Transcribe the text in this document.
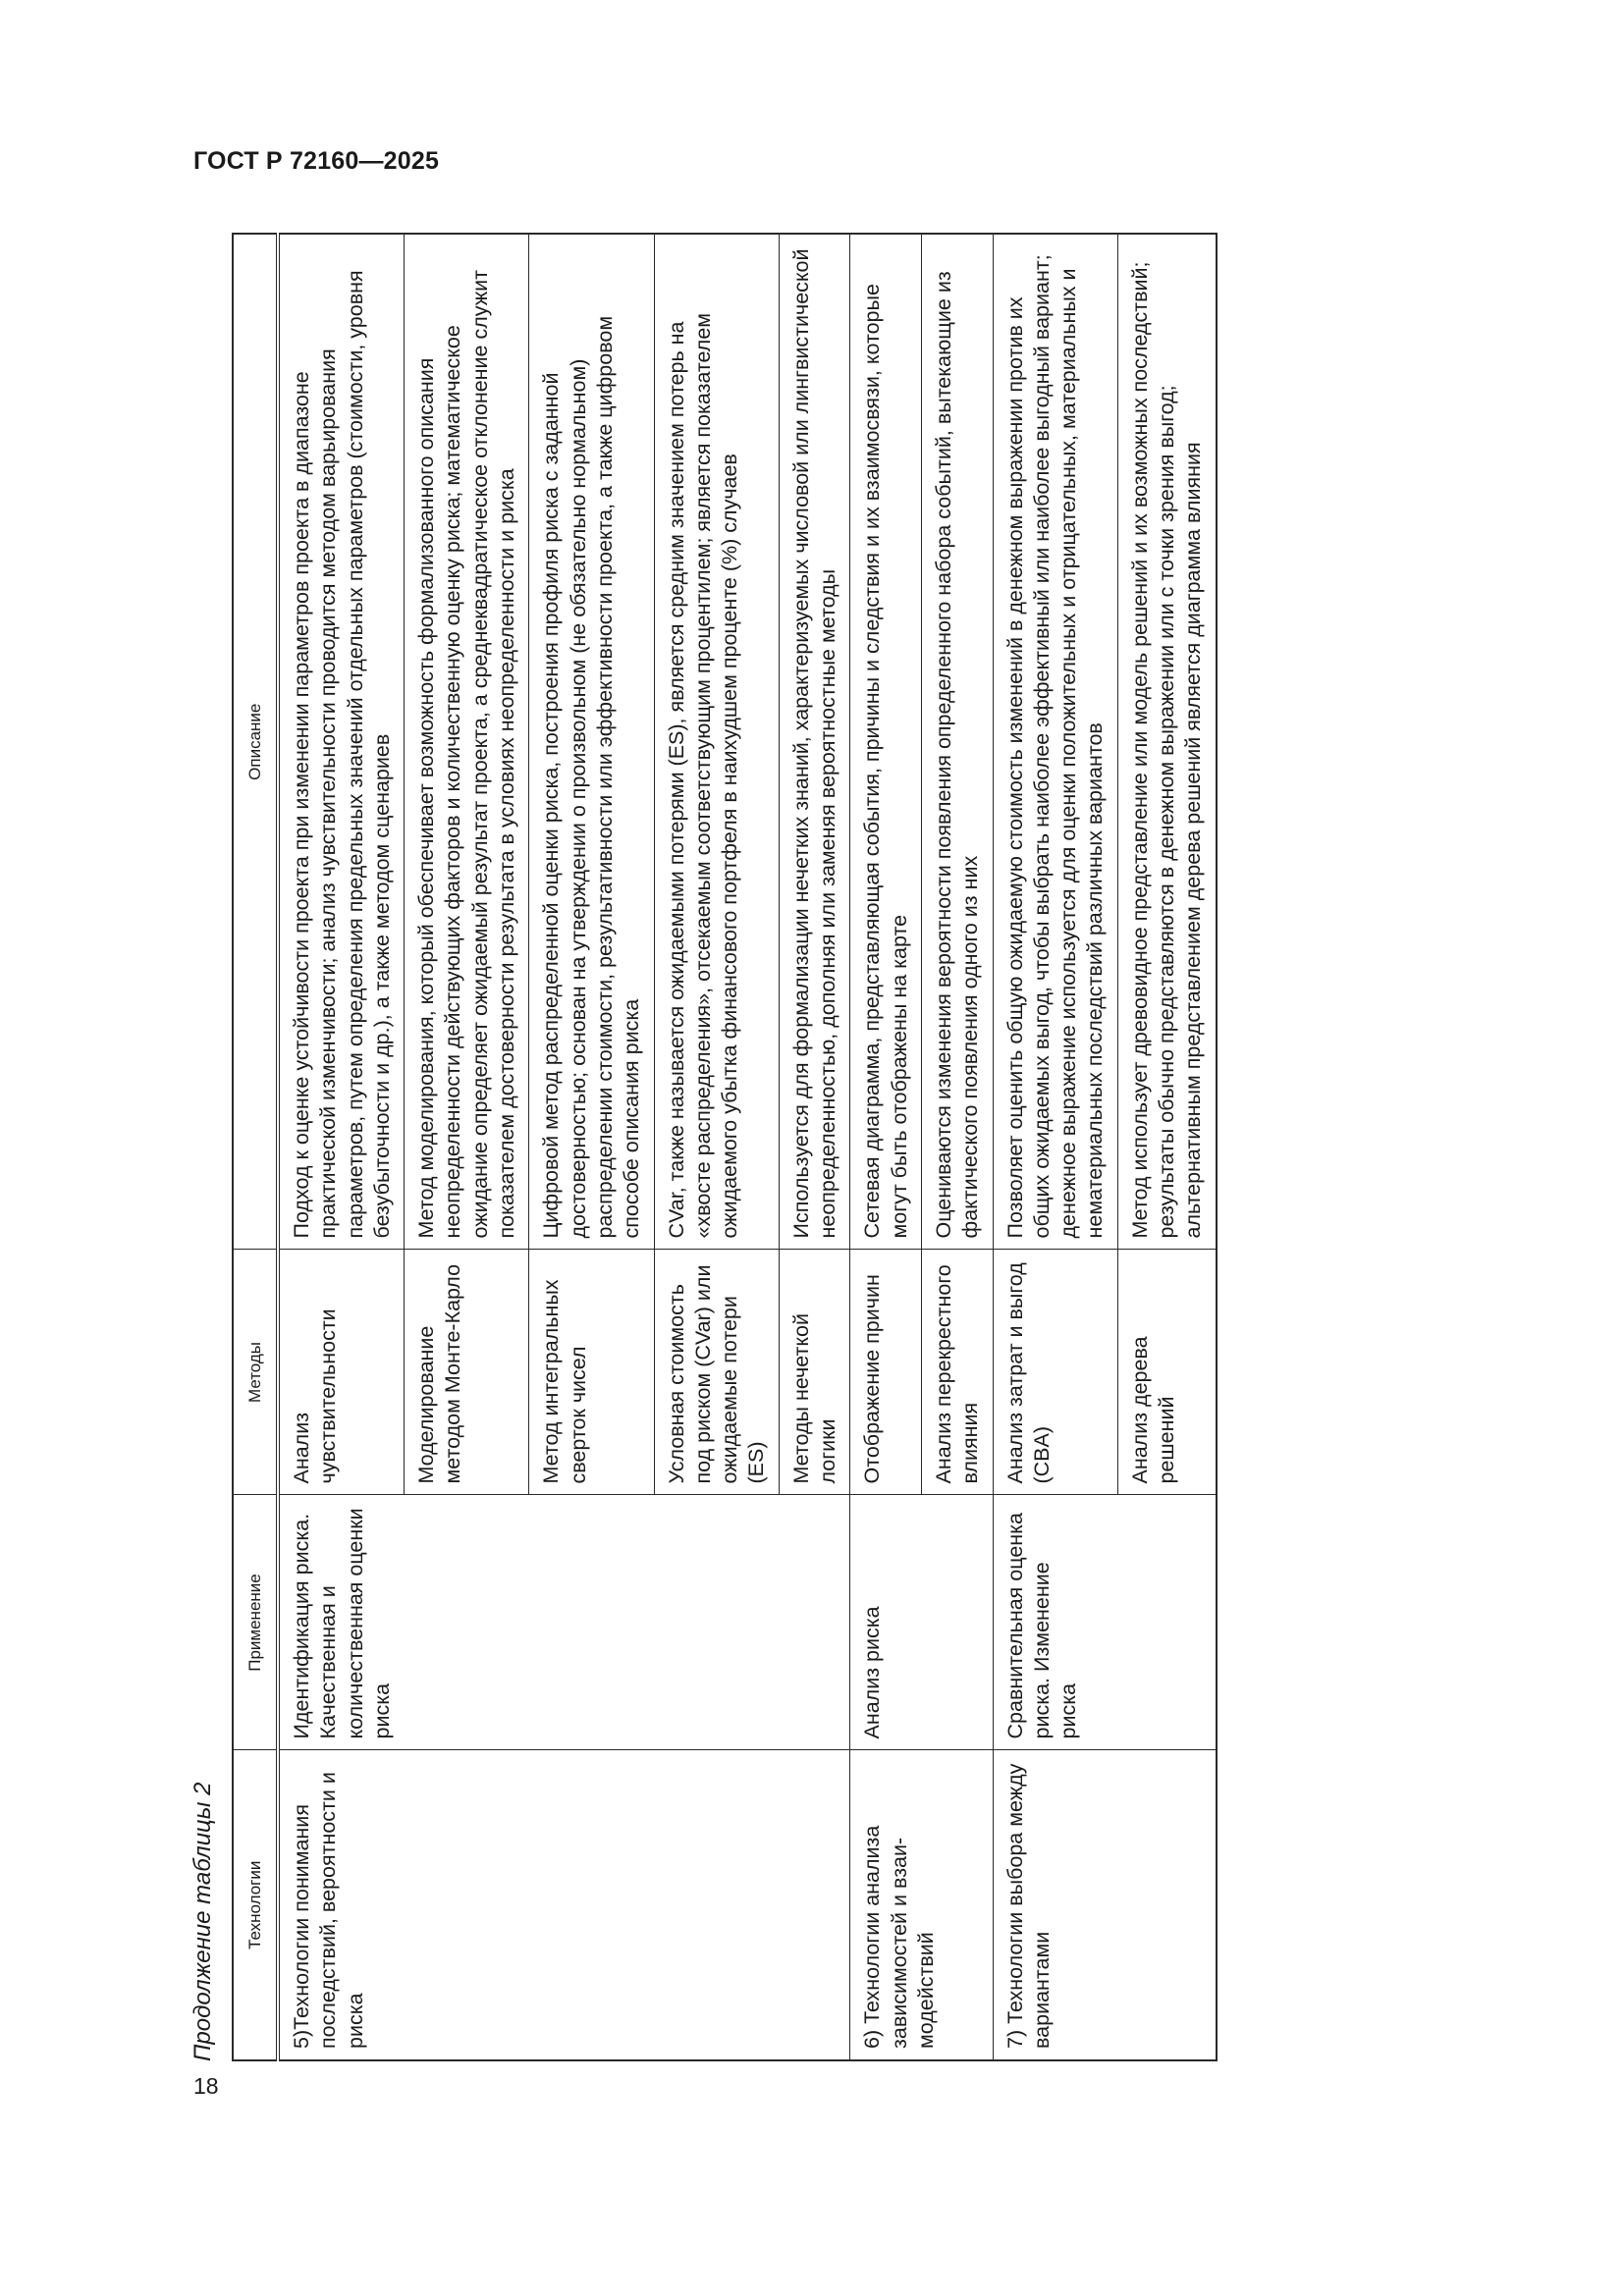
ГОСТ Р 72160—2025
18
Продолжение таблицы 2 Технологии	Применение	Методы	Описание
5)Технологии понимания последствий, вероятности и риска	Идентификация риска. Качественная и количественная оценки риска	Анализ чувствительности	Подход к оценке устойчивости проекта при изменении параметров проекта в диапазоне практической изменчивости; анализ чувствительности проводится методом варьирования параметров, путем определения предельных значений отдельных параметров (стоимости, уровня безубыточности и др.), а также методом сценариев
		Моделирование методом Монте-Карло	Метод моделирования, который обеспечивает возможность формализованного описания неопределенности действующих факторов и количественную оценку риска; математическое ожидание определяет ожидаемый результат проекта, а среднеквадратическое отклонение служит показателем достоверности результата в условиях неопределенности и риска
		Метод интегральных сверток чисел	Цифровой метод распределенной оценки риска, построения профиля риска с заданной достоверностью; основан на утверждении о произвольном (не обязательно нормальном) распределении стоимости, результативности или эффективности проекта, а также цифровом способе описания риска
		Условная стоимость под риском (CVar) или ожидаемые потери (ES)	CVar, также называется ожидаемыми потерями (ES), является средним значением потерь на «хвосте распределения», отсекаемым соответствующим процентилем; является показателем ожидаемого убытка финансового портфеля в наихудшем проценте (%) случаев
		Методы нечеткой логики	Используется для формализации нечетких знаний, характеризуемых числовой или лингвистической неопределенностью, дополняя или заменяя вероятностные методы
6) Технологии анализа зависимостей и взаимодействий	Анализ риска	Отображение причин	Сетевая диаграмма, представляющая события, причины и следствия и их взаимосвязи, которые могут быть отображены на карте
		Анализ перекрестного влияния	Оцениваются изменения вероятности появления определенного набора событий, вытекающие из фактического появления одного из них
7) Технологии выбора между вариантами	Сравнительная оценка риска. Изменение риска	Анализ затрат и выгод (CBA)	Позволяет оценить общую ожидаемую стоимость изменений в денежном выражении против их общих ожидаемых выгод, чтобы выбрать наиболее эффективный или наиболее выгодный вариант; денежное выражение используется для оценки положительных и отрицательных, материальных и нематериальных последствий различных вариантов
		Анализ дерева решений	Метод использует древовидное представление или модель решений и их возможных последствий; результаты обычно представляются в денежном выражении или с точки зрения выгод; альтернативным представлением дерева решений является диаграмма влияния
